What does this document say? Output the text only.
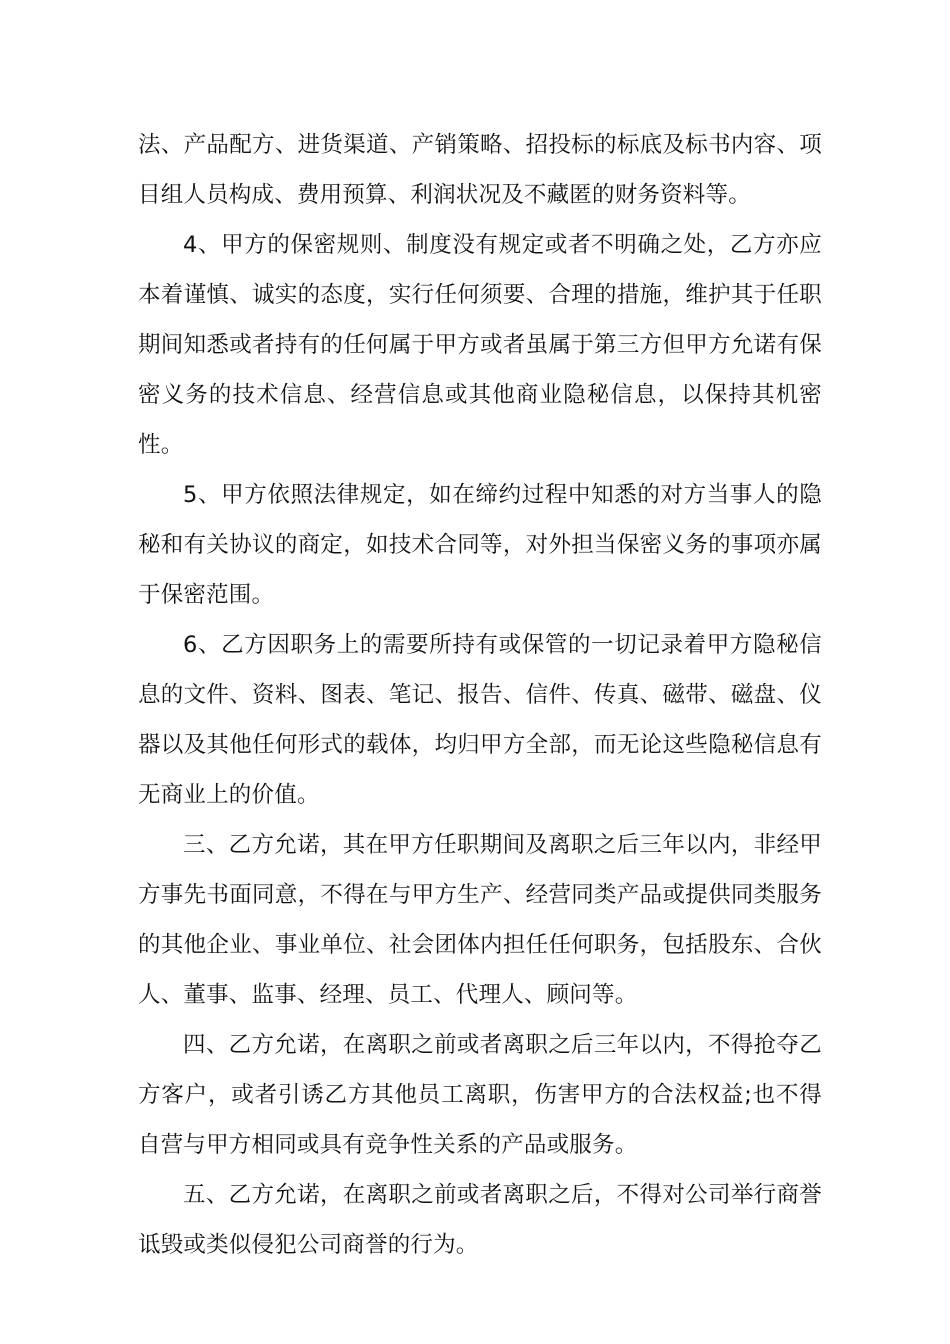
法、产品配方、进货渠道、产销策略、招投标的标底及标书内容、项目组人员构成、费用预算、利润状况及不藏匿的财务资料等。

4、甲方的保密规则、制度没有规定或者不明确之处，乙方亦应本着谨慎、诚实的态度，实行任何须要、合理的措施，维护其于任职期间知悉或者持有的任何属于甲方或者虽属于第三方但甲方允诺有保密义务的技术信息、经营信息或其他商业隐秘信息，以保持其机密性。

5、甲方依照法律规定，如在缔约过程中知悉的对方当事人的隐秘和有关协议的商定，如技术合同等，对外担当保密义务的事项亦属于保密范围。

6、乙方因职务上的需要所持有或保管的一切记录着甲方隐秘信息的文件、资料、图表、笔记、报告、信件、传真、磁带、磁盘、仪器以及其他任何形式的载体，均归甲方全部，而无论这些隐秘信息有无商业上的价值。

三、乙方允诺，其在甲方任职期间及离职之后三年以内，非经甲方事先书面同意，不得在与甲方生产、经营同类产品或提供同类服务的其他企业、事业单位、社会团体内担任任何职务，包括股东、合伙人、董事、监事、经理、员工、代理人、顾问等。

四、乙方允诺，在离职之前或者离职之后三年以内，不得抢夺乙方客户，或者引诱乙方其他员工离职，伤害甲方的合法权益;也不得自营与甲方相同或具有竞争性关系的产品或服务。

五、乙方允诺，在离职之前或者离职之后，不得对公司举行商誉诋毁或类似侵犯公司商誉的行为。
